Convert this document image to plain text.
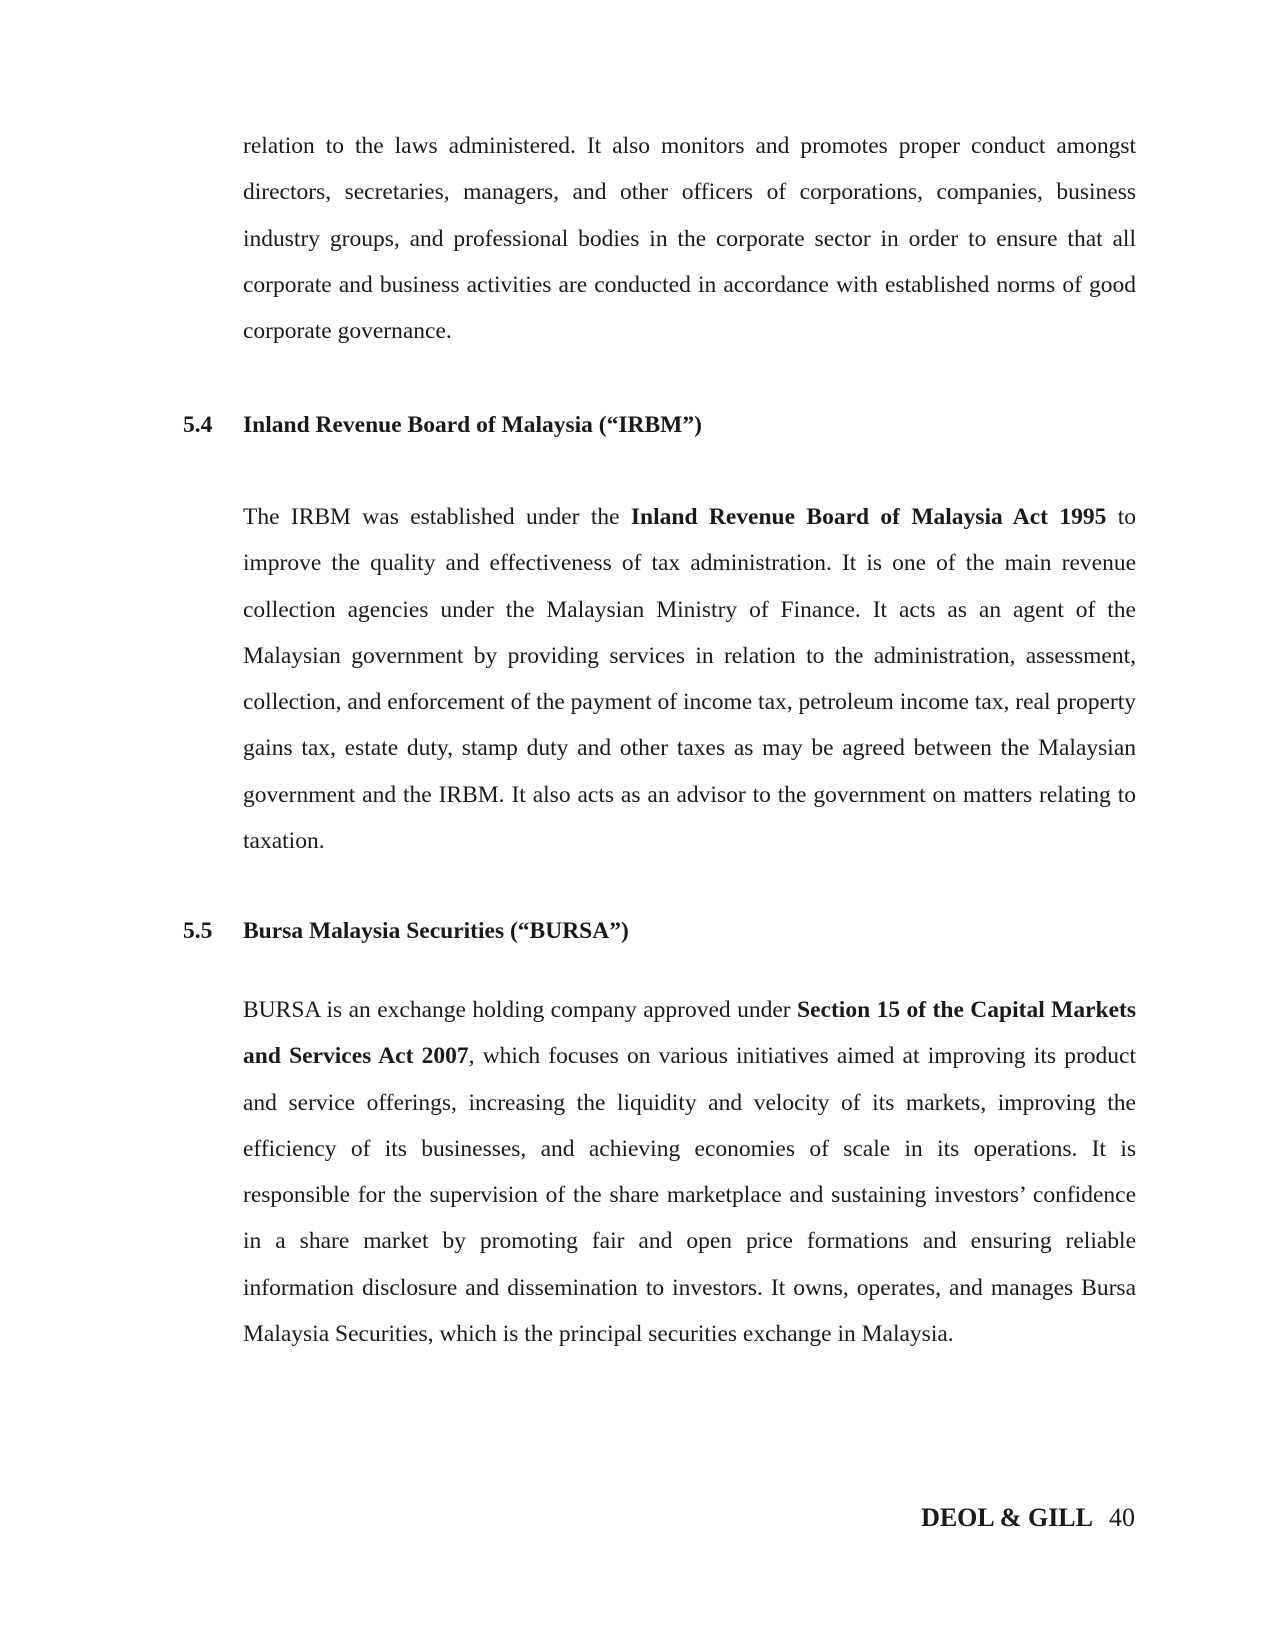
relation to the laws administered. It also monitors and promotes proper conduct amongst directors, secretaries, managers, and other officers of corporations, companies, business industry groups, and professional bodies in the corporate sector in order to ensure that all corporate and business activities are conducted in accordance with established norms of good corporate governance.

5.4 Inland Revenue Board of Malaysia (“IRBM”)

The IRBM was established under the Inland Revenue Board of Malaysia Act 1995 to improve the quality and effectiveness of tax administration. It is one of the main revenue collection agencies under the Malaysian Ministry of Finance. It acts as an agent of the Malaysian government by providing services in relation to the administration, assessment, collection, and enforcement of the payment of income tax, petroleum income tax, real property gains tax, estate duty, stamp duty and other taxes as may be agreed between the Malaysian government and the IRBM. It also acts as an advisor to the government on matters relating to taxation.

5.5 Bursa Malaysia Securities (“BURSA”)

BURSA is an exchange holding company approved under Section 15 of the Capital Markets and Services Act 2007, which focuses on various initiatives aimed at improving its product and service offerings, increasing the liquidity and velocity of its markets, improving the efficiency of its businesses, and achieving economies of scale in its operations. It is responsible for the supervision of the share marketplace and sustaining investors’ confidence in a share market by promoting fair and open price formations and ensuring reliable information disclosure and dissemination to investors. It owns, operates, and manages Bursa Malaysia Securities, which is the principal securities exchange in Malaysia.

DEOL & GILL 40
